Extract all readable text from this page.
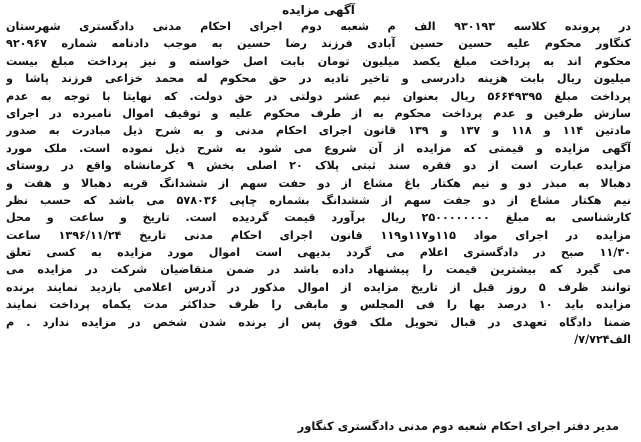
آگهی مزایده
در پرونده کلاسه ۹۳۰۱۹۳ الف م شعبه دوم اجرای احکام مدنی دادگستری شهرستان
کنگاور محکوم علیه حسین حسین آبادی فرزند رضا حسین به موجب دادنامه شماره ۹۲۰۹۶۷
محکوم اند به پرداخت مبلغ یکصد میلیون تومان بابت اصل خواسته و نیز پرداخت مبلغ بیست
میلیون ریال بابت هزینه دادرسی و تاخیر تادیه در حق محکوم له محمد خزاعی فرزند پاشا و
پرداخت مبلغ ۵۶۶۴۹۳۹۵ ریال بعنوان نیم عشر دولتی در حق دولت. که نهایتا با توجه به عدم
سازش طرفین و عدم پرداخت محکوم به از طرف محکوم علیه و توقیف اموال نامبرده در اجرای
مادتین ۱۱۴ و ۱۱۸ و ۱۳۷ و ۱۳۹ قانون اجرای احکام مدنی و به شرح ذیل مبادرت به صدور
آگهی مزایده و قیمتی که مزایده از آن شروع می شود به شرح ذیل نموده است. ملک مورد
مزایده عبارت است از دو فقره سند ثبتی پلاک ۲۰ اصلی بخش ۹ کرمانشاه واقع در روستای
دهبالا به مبذر دو و نیم هکتار باغ مشاع از دو حفت سهم از ششدانگ قریه دهبالا و هفت و
نیم هکتار مشاع از دو جفت سهم از ششدانگ بشماره چاپی ۵۷۸۰۳۶ می باشد که حسب نظر
کارشناسی به مبلغ ۲۵۰۰۰۰۰۰۰۰ ریال برآورد قیمت گردیده است. تاریخ و ساعت و محل
مزایده در اجرای مواد ۱۱۵و۱۱۷و۱۱۹ قانون اجرای احکام مدنی تاریخ ۱۳۹۶/۱۱/۲۴ ساعت
۱۱/۳۰ صبح در دادگستری اعلام می گردد بدیهی است اموال مورد مزایده به کسی تعلق
می گیرد که بیشترین قیمت را پیشنهاد داده باشد در ضمن متقاضیان شرکت در مزایده می
توانند ظرف ۵ روز قبل از تاریخ مزایده از اموال مذکور در آدرس اعلامی بازدید نمایند برنده
مزایده باید ۱۰ درصد بها را فی المجلس و مابقی را ظرف حداکثر مدت یکماه پرداخت نمایند
ضمنا دادگاه تعهدی در قبال تحویل ملک فوق پس از برنده شدن شخص در مزایده ندارد . م
الف۷/۷۲۴/
مدیر دفتر اجرای احکام شعبه دوم مدنی دادگستری کنگاور
